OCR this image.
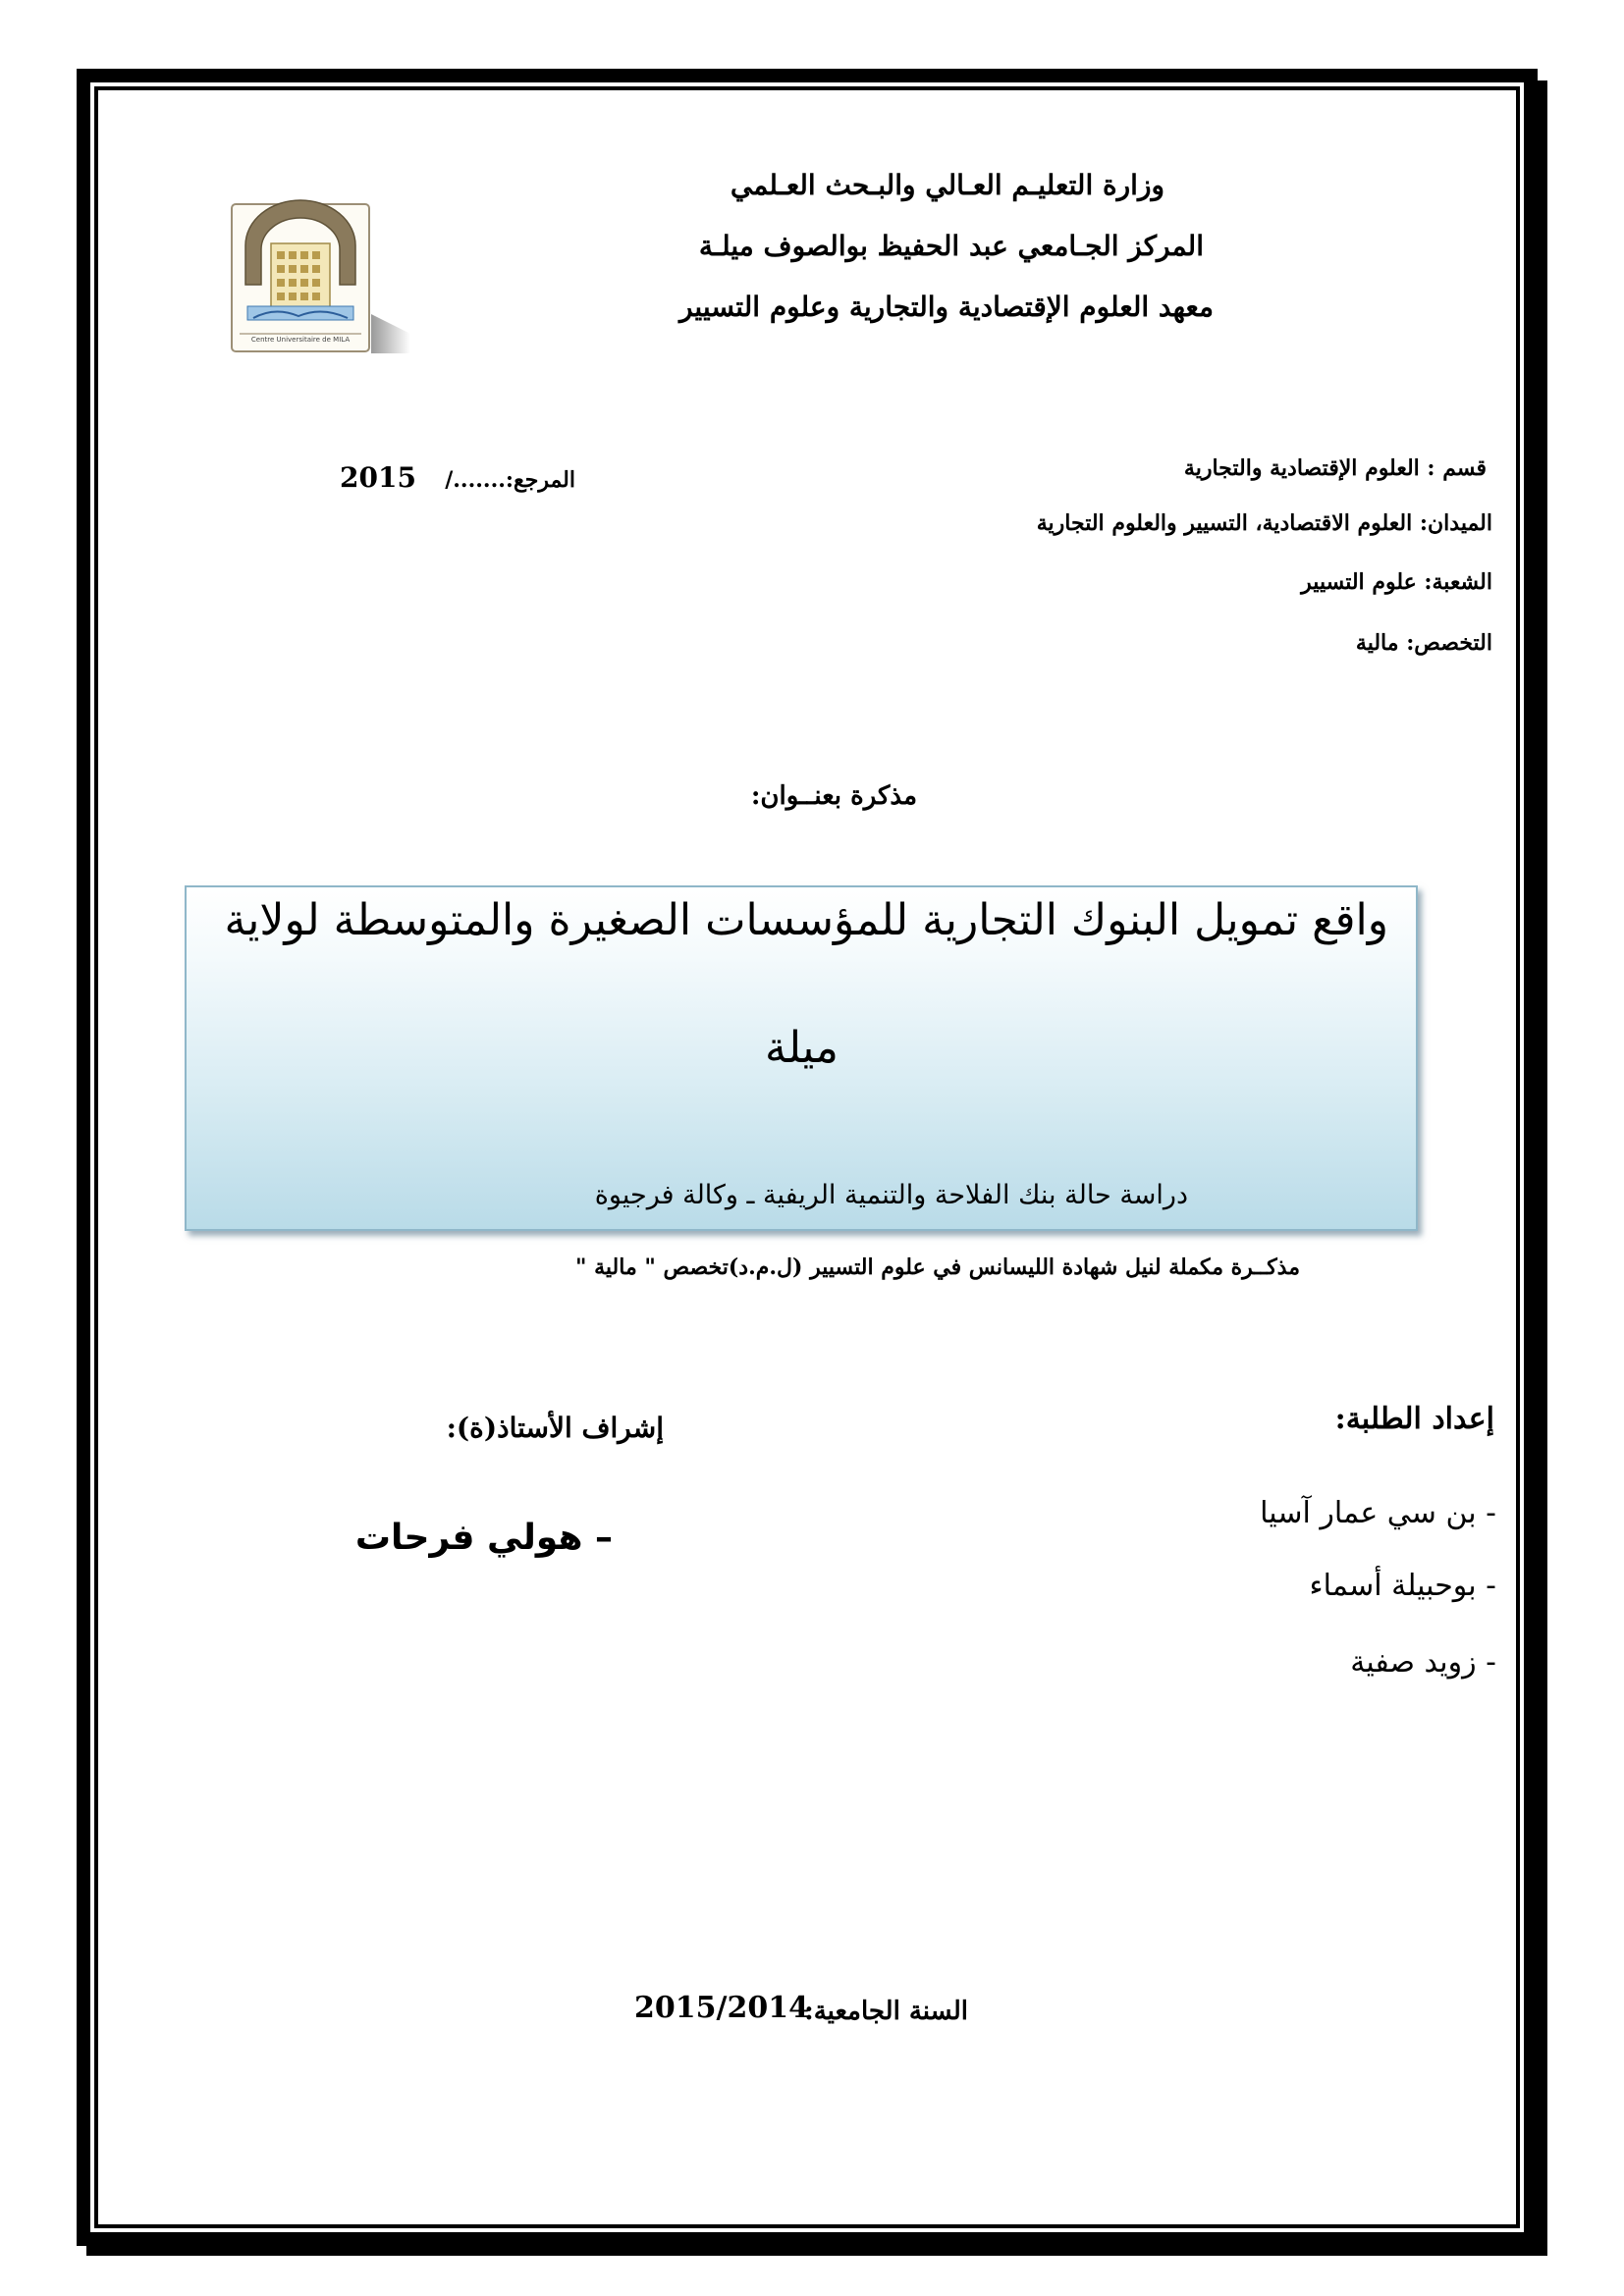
وزارة التعليـم العـالي والبـحث العـلمي
المركز الجـامعي عبد الحفيظ بوالصوف ميلـة
معهد العلوم الإقتصادية والتجارية وعلوم التسيير
Centre Universitaire de MILA
المرجع:......./
2015	قسم : العلوم الإقتصادية والتجارية
الميدان: العلوم الاقتصادية، التسيير والعلوم التجارية
الشعبة: علوم التسيير
التخصص: مالية
مذكرة بعنــوان:
واقع تمويل البنوك التجارية للمؤسسات الصغيرة والمتوسطة لولاية
ميلة
دراسة حالة بنك الفلاحة والتنمية الريفية ـ وكالة فرجيوة
مذكــرة مكملة لنيل شهادة الليسانس في علوم التسيير (ل.م.د)تخصص " مالية "
إعداد الطلبة:
- بن سي عمار آسيا
- بوحبيلة أسماء
- زويد صفية
إشراف الأستاذ(ة):
– هولي فرحات
السنة الجامعية:
2015/2014
